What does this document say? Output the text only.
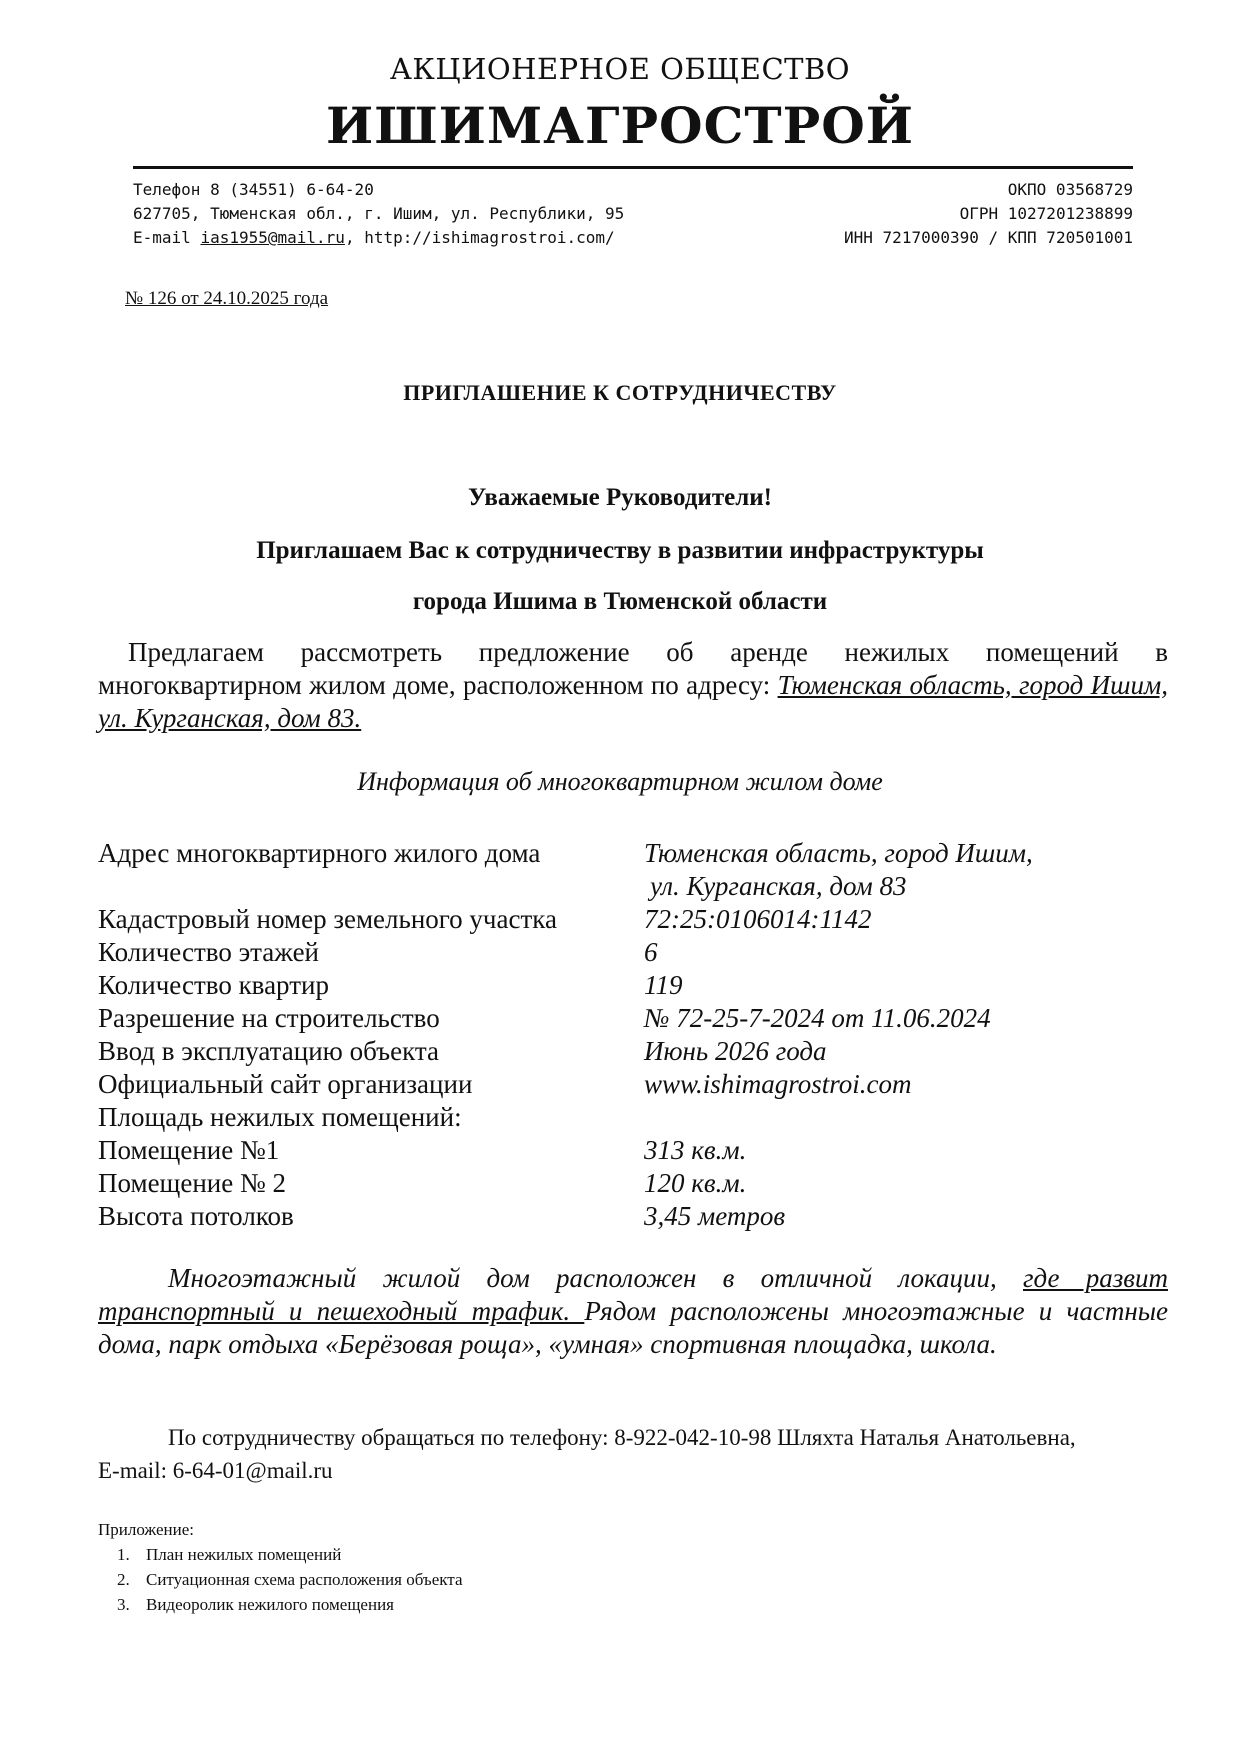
АКЦИОНЕРНОЕ ОБЩЕСТВО
ИШИМАГРОСТРОЙ
Телефон 8 (34551) 6-64-20
627705, Тюменская обл., г. Ишим, ул. Республики, 95
E-mail ias1955@mail.ru, http://ishimagrostroi.com/
ОКПО 03568729
ОГРН 1027201238899
ИНН 7217000390 / КПП 720501001
№ 126 от 24.10.2025 года
ПРИГЛАШЕНИЕ К СОТРУДНИЧЕСТВУ
Уважаемые Руководители!
Приглашаем Вас к сотрудничеству в развитии инфраструктуры
города Ишима в Тюменской области
Предлагаем рассмотреть предложение об аренде нежилых помещений в многоквартирном жилом доме, расположенном по адресу: Тюменская область, город Ишим, ул. Курганская, дом 83.
Информация об многоквартирном жилом доме
Адрес многоквартирного жилого дома	Тюменская область, город Ишим,
ул. Курганская, дом 83
Кадастровый номер земельного участка	72:25:0106014:1142
Количество этажей	6
Количество квартир	119
Разрешение на строительство	№ 72-25-7-2024 от 11.06.2024
Ввод в эксплуатацию объекта	Июнь 2026 года
Официальный сайт организации	www.ishimagrostroi.com
Площадь нежилых помещений:
Помещение №1	313 кв.м.
Помещение № 2	120 кв.м.
Высота потолков	3,45 метров
Многоэтажный жилой дом расположен в отличной локации, где развит транспортный и пешеходный трафик. Рядом расположены многоэтажные и частные дома, парк отдыха «Берёзовая роща», «умная» спортивная площадка, школа.
По сотрудничеству обращаться по телефону: 8-922-042-10-98 Шляхта Наталья Анатольевна,
E-mail: 6-64-01@mail.ru
Приложение:
1. План нежилых помещений
2. Ситуационная схема расположения объекта
3. Видеоролик нежилого помещения
